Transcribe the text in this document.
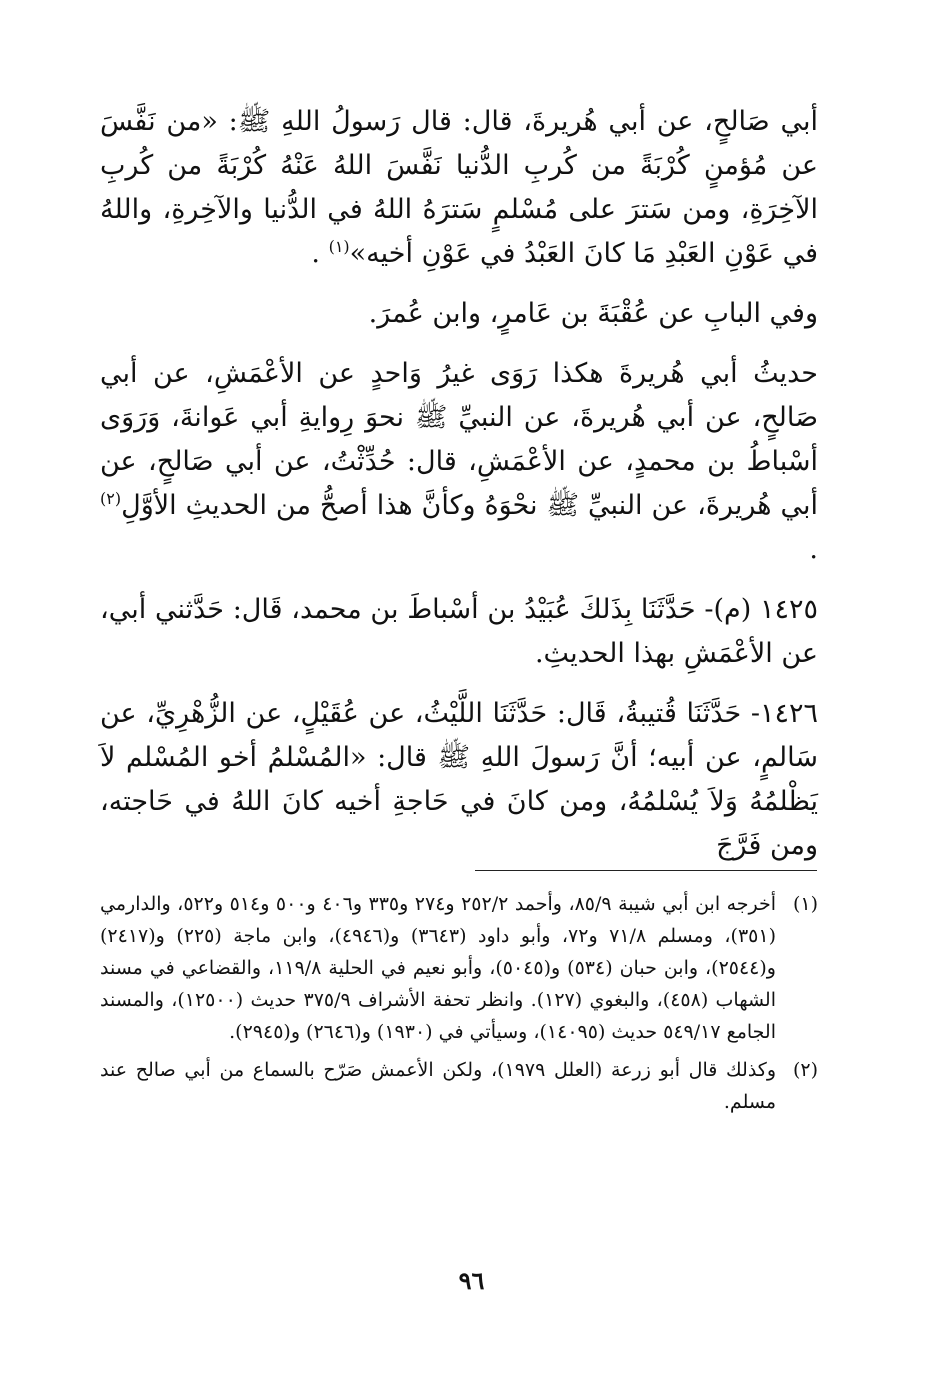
أبي صَالحٍ، عن أبي هُريرةَ، قال: قال رَسولُ اللهِ ﷺ: «من نَفَّسَ عن مُؤمنٍ كُرْبَةً من كُربِ الدُّنيا نَفَّسَ اللهُ عَنْهُ كُرْبَةً من كُربِ الآخِرَةِ، ومن سَترَ على مُسْلمٍ سَترَهُ اللهُ في الدُّنيا والآخِرةِ، واللهُ في عَوْنِ العَبْدِ مَا كانَ العَبْدُ في عَوْنِ أخيه»$^{(١)}$ .

وفي البابِ عن عُقْبَةَ بن عَامرٍ، وابن عُمرَ.

حديثُ أبي هُريرةَ هكذا رَوَى غيرُ وَاحدٍ عن الأعْمَشِ، عن أبي صَالحٍ، عن أبي هُريرةَ، عن النبيِّ ﷺ نحوَ رِوايةِ أبي عَوانةَ، وَرَوَى أسْباطُ بن محمدٍ، عن الأعْمَشِ، قال: حُدِّثْتُ، عن أبي صَالحٍ، عن أبي هُريرةَ، عن النبيِّ ﷺ نحْوَهُ وكأنَّ هذا أصحُّ من الحديثِ الأوَّلِ$^{(٢)}$ .

١٤٢٥ (م)- حَدَّثَنَا بِذَلكَ عُبَيْدُ بن أسْباطَ بن محمد، قَال: حَدَّثني أبي، عن الأعْمَشِ بهذا الحديثِ.

١٤٢٦- حَدَّثَنَا قُتيبةُ، قَال: حَدَّثَنَا اللَّيْثُ، عن عُقَيْلٍ، عن الزُّهْرِيِّ، عن سَالمٍ، عن أبيه؛ أنَّ رَسولَ اللهِ ﷺ قال: «المُسْلمُ أخو المُسْلم لاَ يَظْلمُهُ وَلاَ يُسْلمُهُ، ومن كانَ في حَاجةِ أخيه كانَ اللهُ في حَاجته، ومن فَرَّجَ

(١)
أخرجه ابن أبي شيبة ٨٥/٩، وأحمد ٢٥٢/٢ و٢٧٤ و٣٣٥ و٤٠٦ و٥٠٠ و٥١٤ و٥٢٢، والدارمي (٣٥١)، ومسلم ٧١/٨ و٧٢، وأبو داود (٣٦٤٣) و(٤٩٤٦)، وابن ماجة (٢٢٥) و(٢٤١٧) و(٢٥٤٤)، وابن حبان (٥٣٤) و(٥٠٤٥)، وأبو نعيم في الحلية ١١٩/٨، والقضاعي في مسند الشهاب (٤٥٨)، والبغوي (١٢٧). وانظر تحفة الأشراف ٣٧٥/٩ حديث (١٢٥٠٠)، والمسند الجامع ٥٤٩/١٧ حديث (١٤٠٩٥)، وسيأتي في (١٩٣٠) و(٢٦٤٦) و(٢٩٤٥).
(٢)
وكذلك قال أبو زرعة (العلل ١٩٧٩)، ولكن الأعمش صَرّح بالسماع من أبي صالح عند مسلم.
٩٦
